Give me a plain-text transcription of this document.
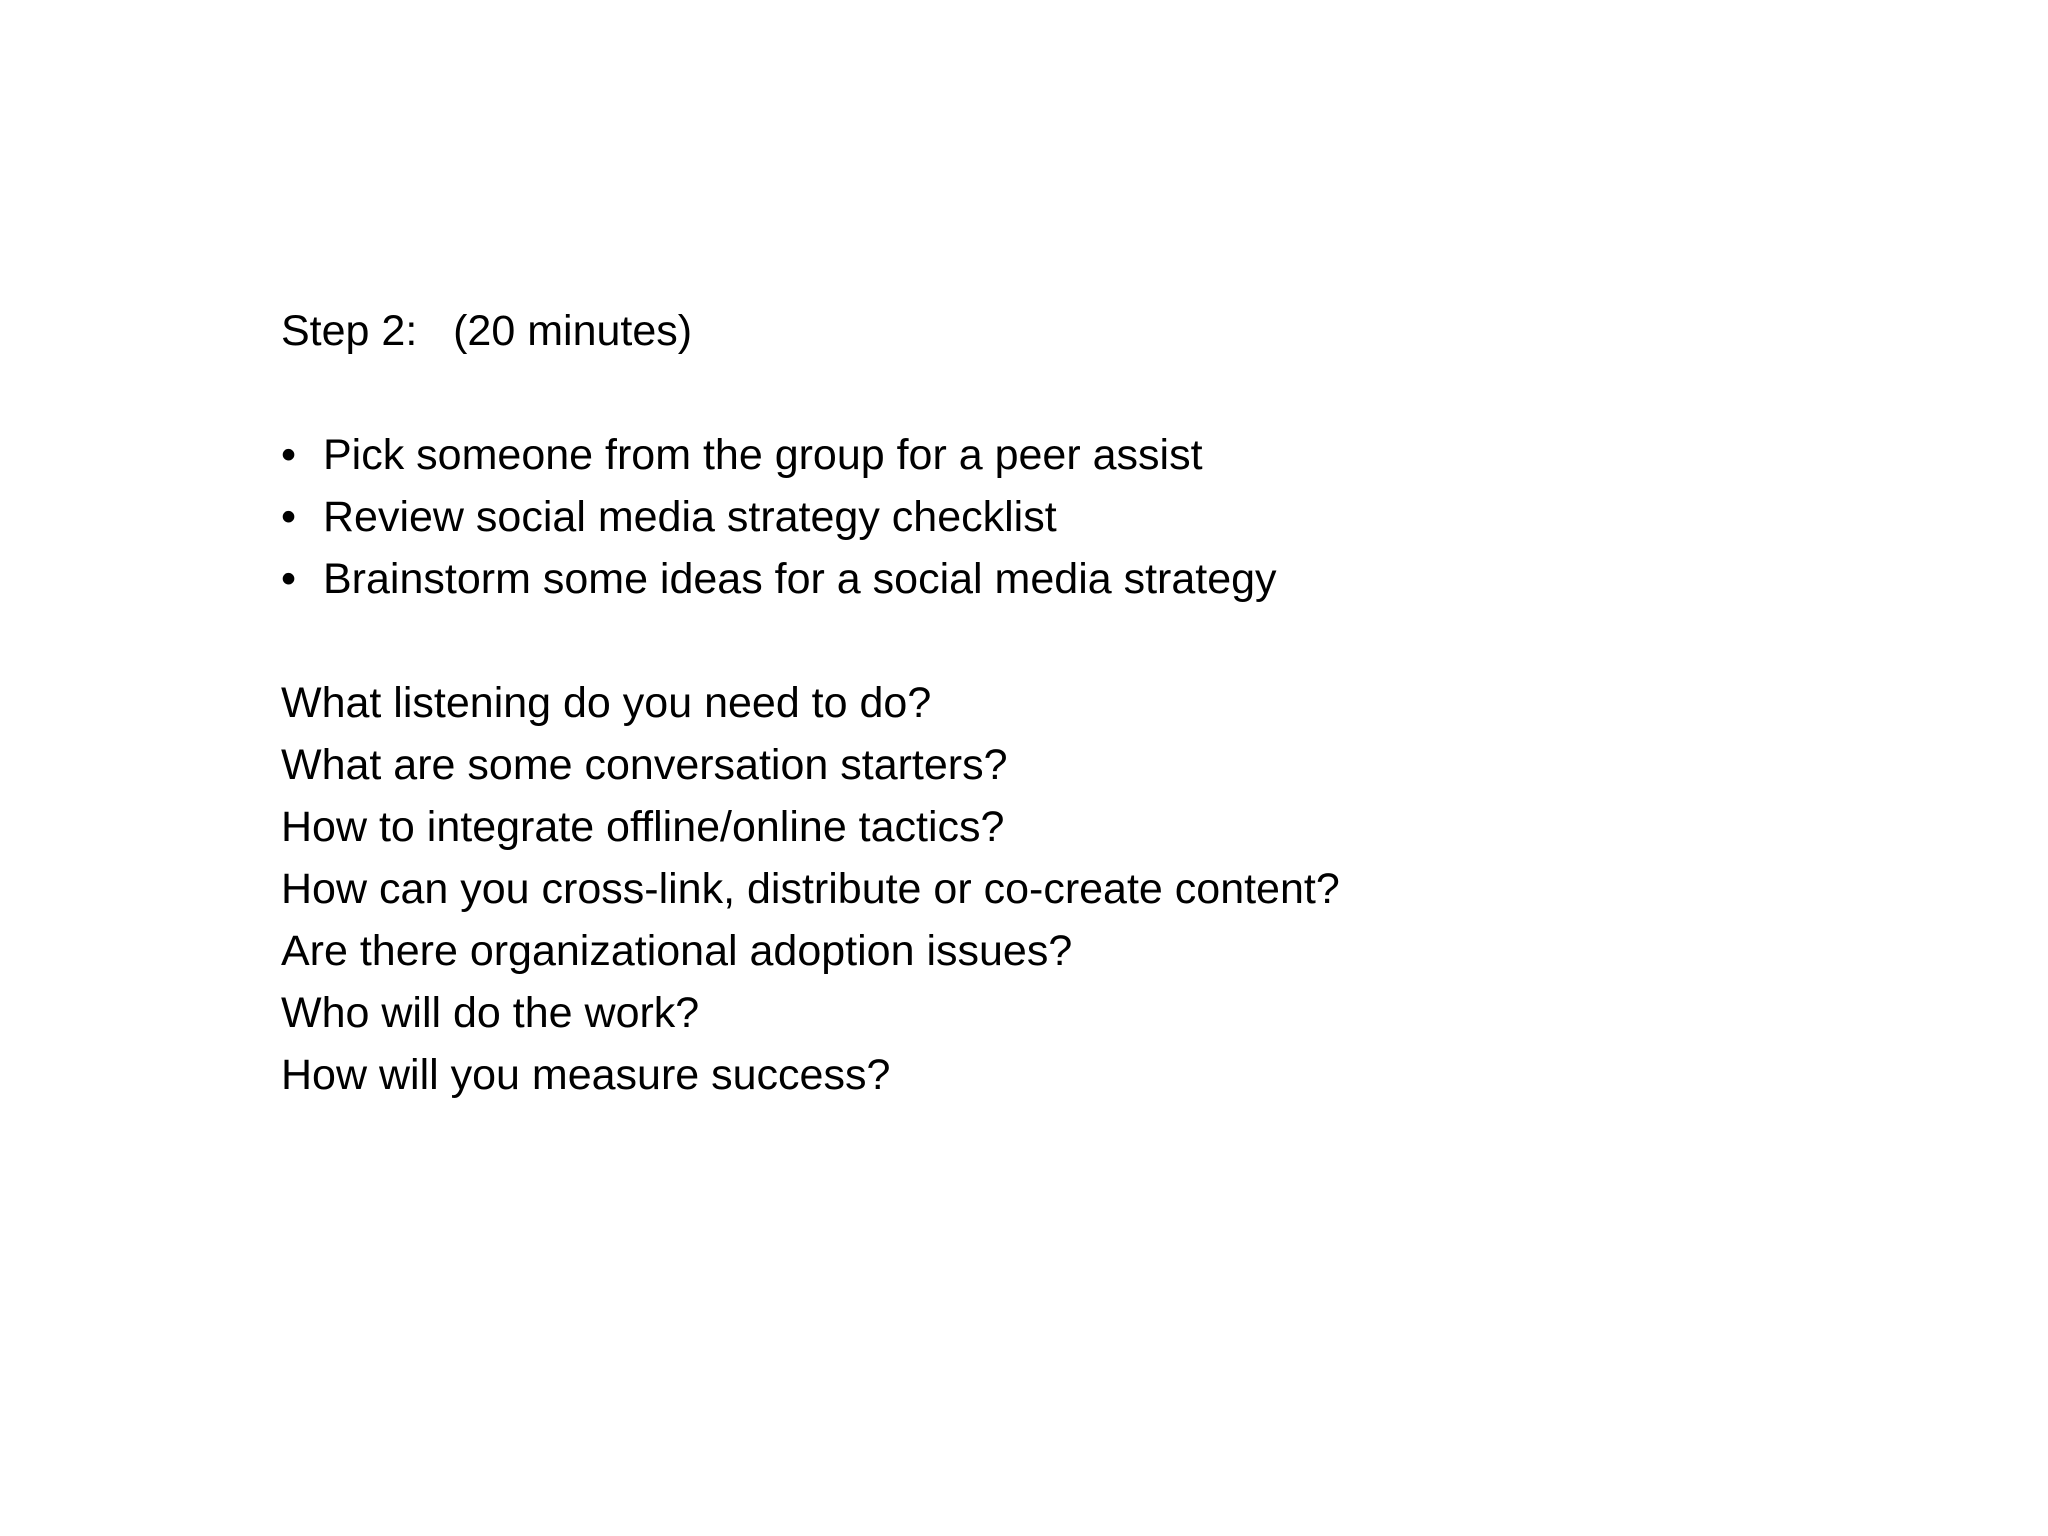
Step 2:   (20 minutes)

• Pick someone from the group for a peer assist
• Review social media strategy checklist
• Brainstorm some ideas for a social media strategy

What listening do you need to do?

What are some conversation starters?

How to integrate offline/online tactics?

How can you cross-link, distribute or co-create content?

Are there organizational adoption issues?

Who will do the work?

How will you measure success?
